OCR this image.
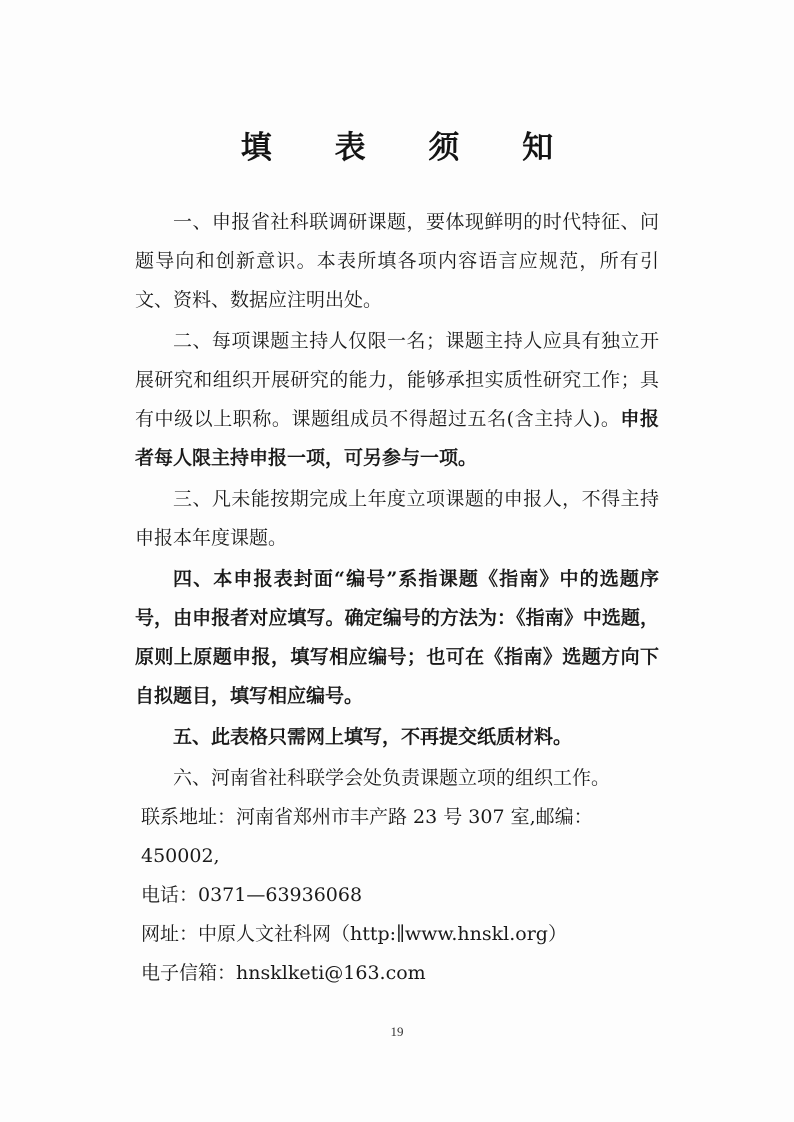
填 表 须 知

一、申报省社科联调研课题，要体现鲜明的时代特征、问题导向和创新意识。本表所填各项内容语言应规范，所有引文、资料、数据应注明出处。

二、每项课题主持人仅限一名；课题主持人应具有独立开展研究和组织开展研究的能力，能够承担实质性研究工作；具有中级以上职称。课题组成员不得超过五名(含主持人)。申报者每人限主持申报一项，可另参与一项。

三、凡未能按期完成上年度立项课题的申报人，不得主持申报本年度课题。

四、本申报表封面“编号”系指课题《指南》中的选题序号，由申报者对应填写。确定编号的方法为：《指南》中选题，原则上原题申报，填写相应编号；也可在《指南》选题方向下自拟题目，填写相应编号。

五、此表格只需网上填写，不再提交纸质材料。

六、河南省社科联学会处负责课题立项的组织工作。

联系地址：河南省郑州市丰产路 23 号 307 室,邮编：450002,

电话：0371—63936068

网址：中原人文社科网（http:∥www.hnskl.org）

电子信箱：hnsklketi@163.com

19
